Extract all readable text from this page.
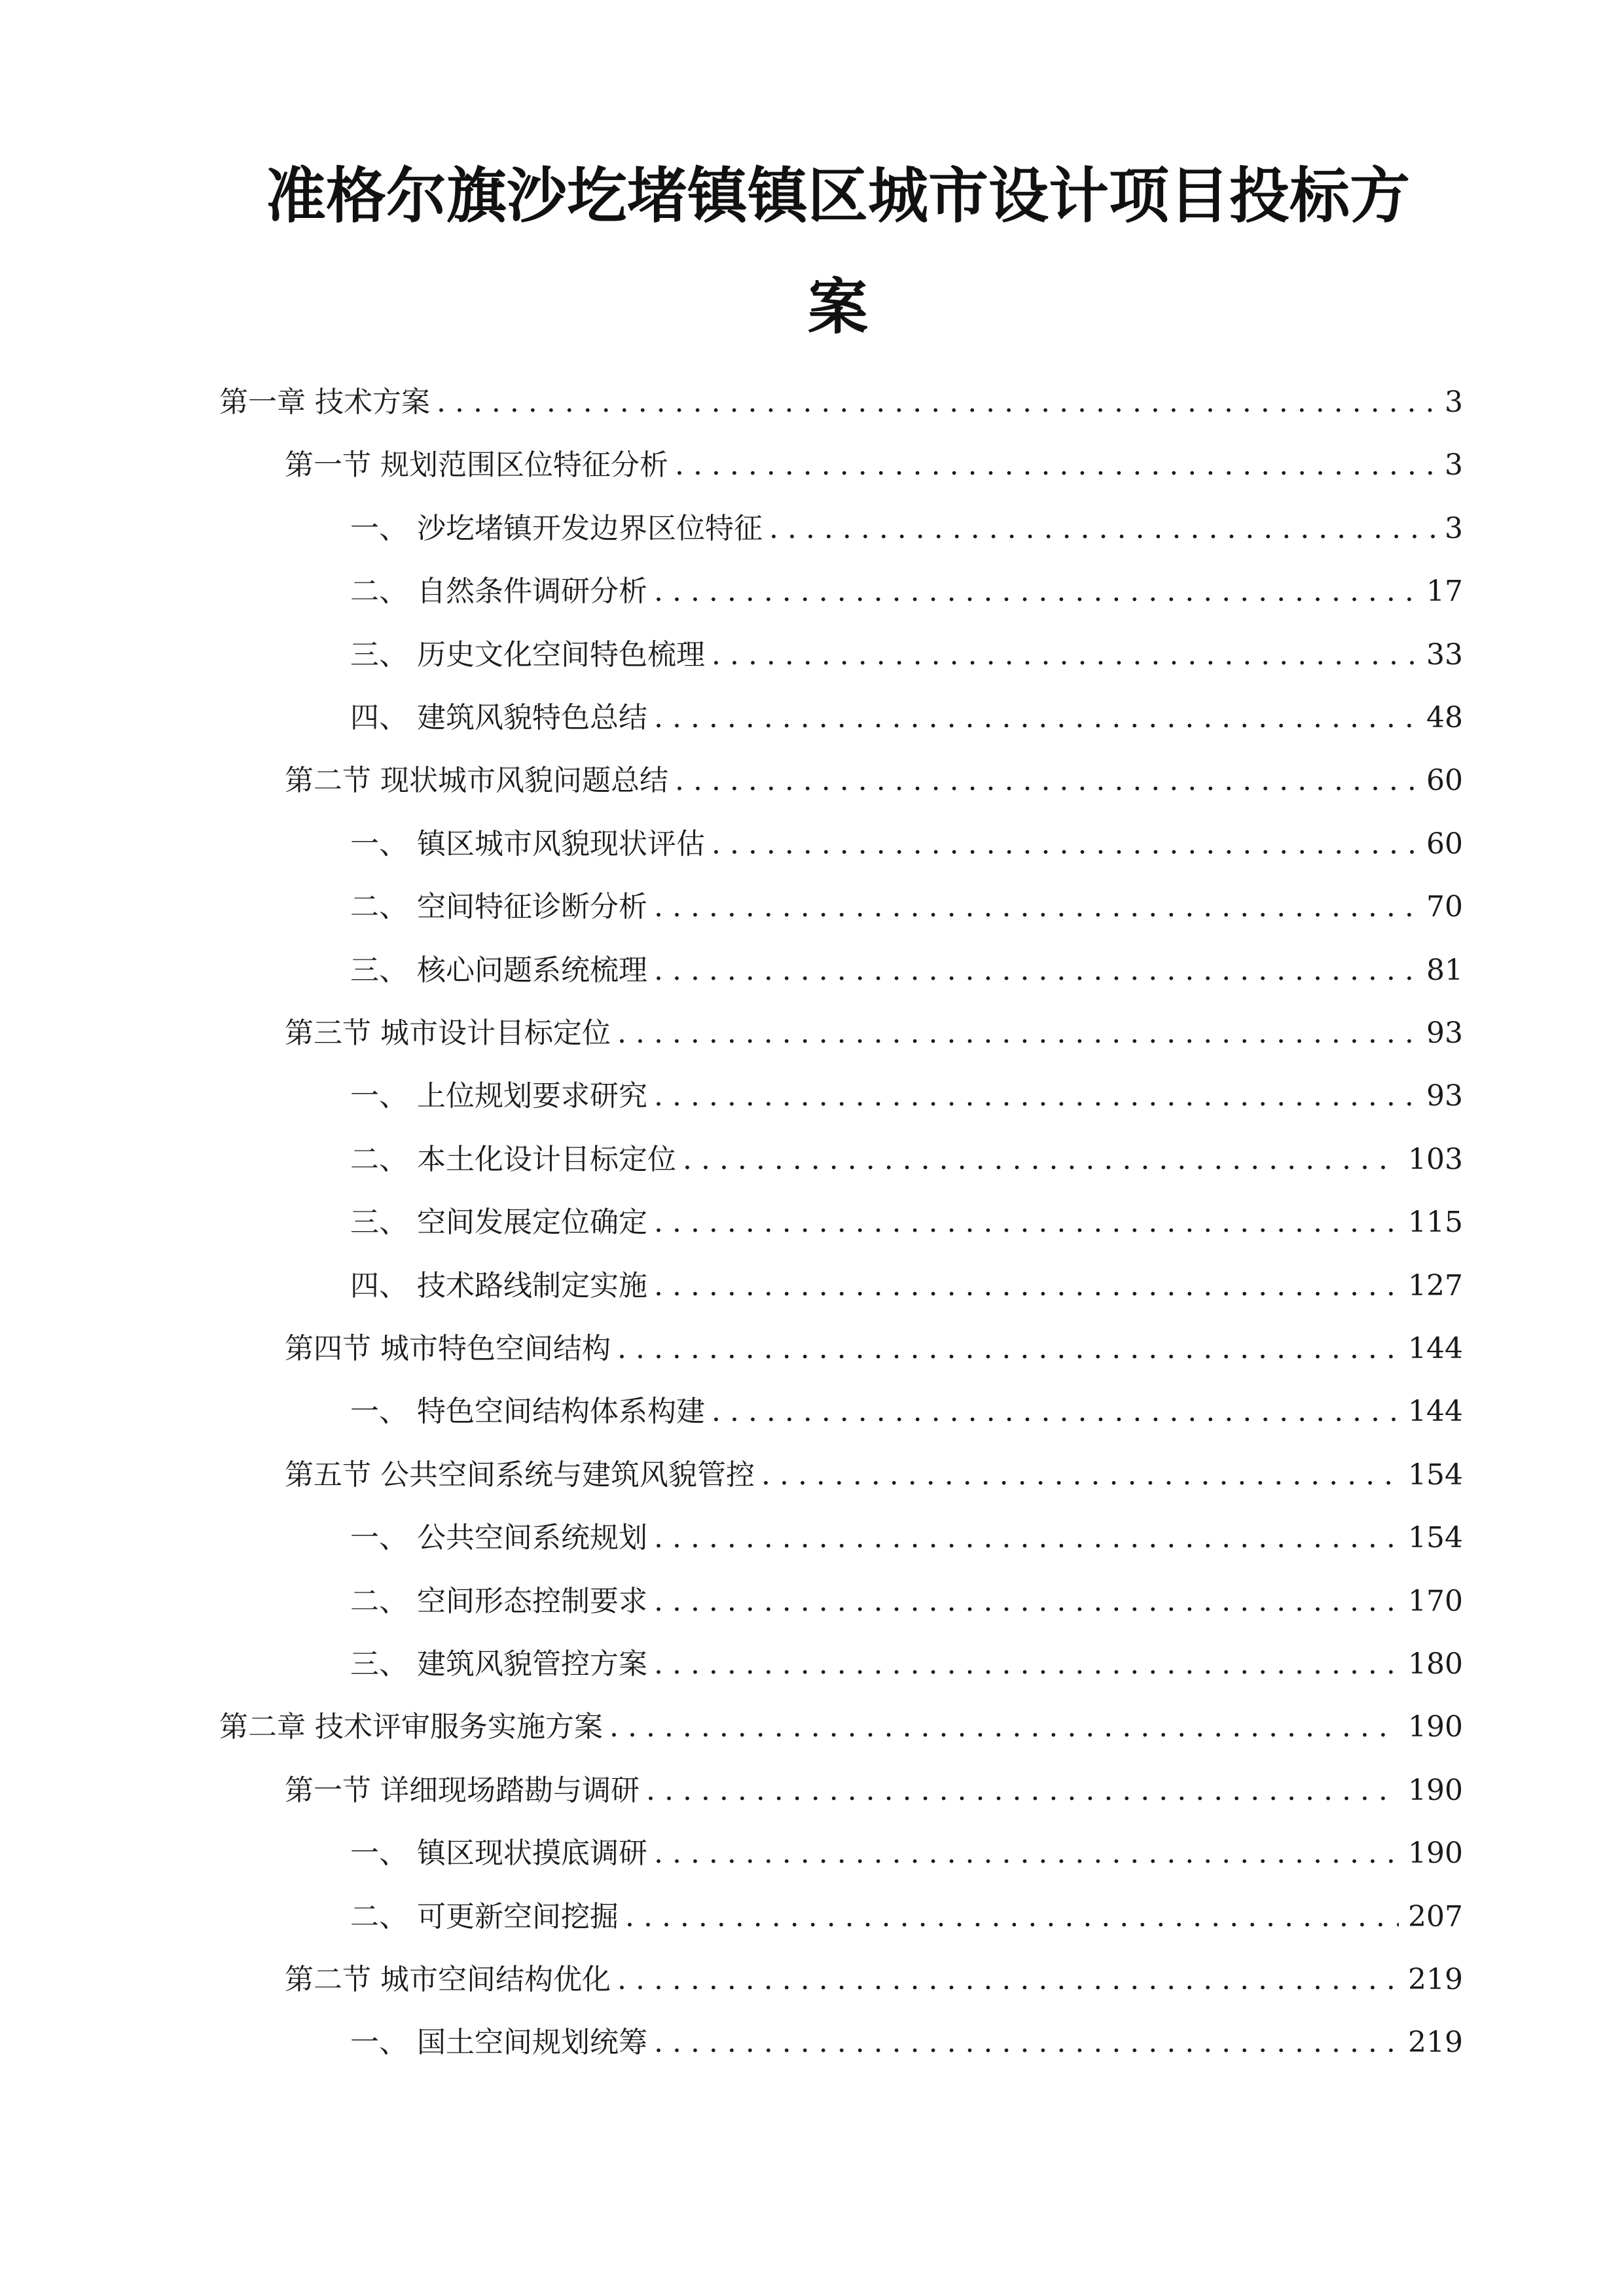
准格尔旗沙圪堵镇镇区城市设计项目投标方
案
第一章 技术方案 . . .	3
第一节 规划范围区位特征分析 . . .	3
一、 沙圪堵镇开发边界区位特征 . . .	3
二、 自然条件调研分析 . . .	17
三、 历史文化空间特色梳理 . . .	33
四、 建筑风貌特色总结 . . .	48
第二节 现状城市风貌问题总结 . . .	60
一、 镇区城市风貌现状评估 . . .	60
二、 空间特征诊断分析 . . .	70
三、 核心问题系统梳理 . . .	81
第三节 城市设计目标定位 . . .	93
一、 上位规划要求研究 . . .	93
二、 本土化设计目标定位 . . .	103
三、 空间发展定位确定 . . .	115
四、 技术路线制定实施 . . .	127
第四节 城市特色空间结构 . . .	144
一、 特色空间结构体系构建 . . .	144
第五节 公共空间系统与建筑风貌管控 . . .	154
一、 公共空间系统规划 . . .	154
二、 空间形态控制要求 . . .	170
三、 建筑风貌管控方案 . . .	180
第二章 技术评审服务实施方案 . . .	190
第一节 详细现场踏勘与调研 . . .	190
一、 镇区现状摸底调研 . . .	190
二、 可更新空间挖掘 . . .	207
第二节 城市空间结构优化 . . .	219
一、 国土空间规划统筹 . . .	219
